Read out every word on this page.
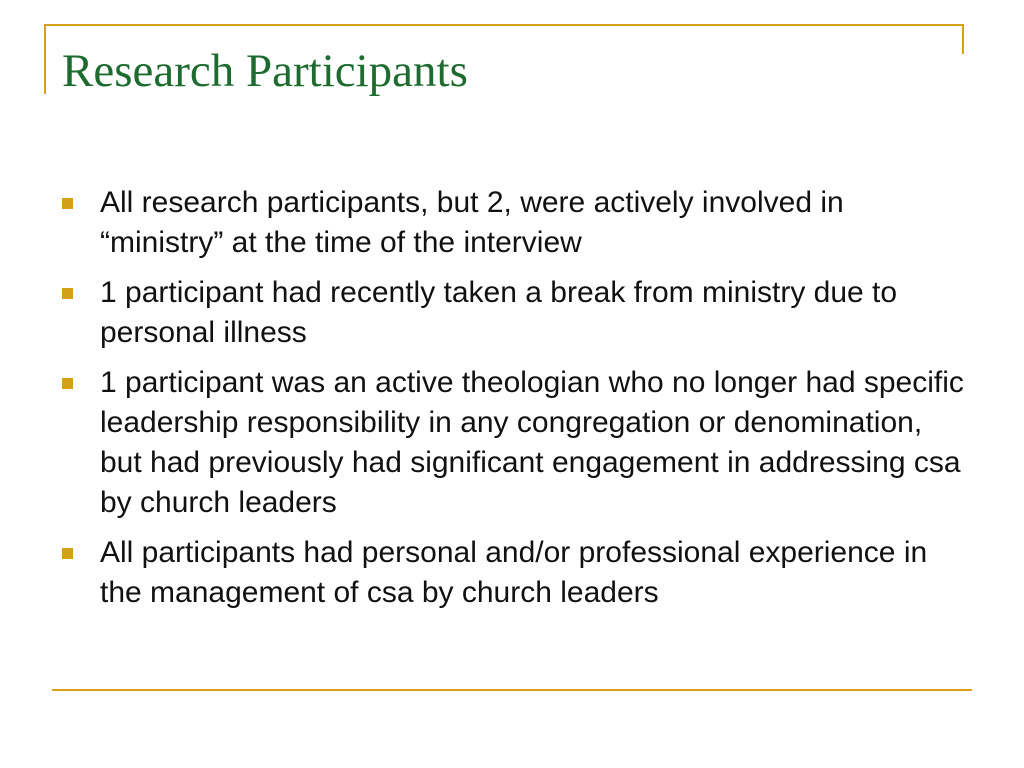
Research Participants
All research participants, but 2, were actively involved in “ministry” at the time of the interview
1 participant had recently taken a break from ministry due to personal illness
1 participant was an active theologian who no longer had specific leadership responsibility in any congregation or denomination, but had previously had significant engagement in addressing csa by church leaders
All participants had personal and/or professional experience in the management of csa by church leaders
